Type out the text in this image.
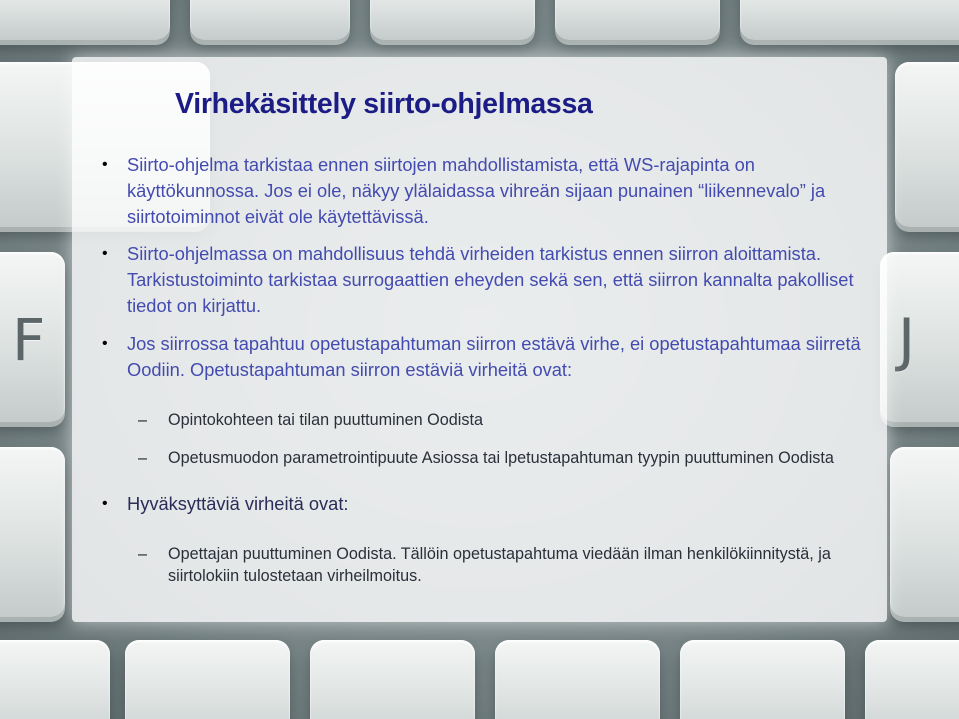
F	J
Virhekäsittely siirto-ohjelmassa
• Siirto-ohjelma tarkistaa ennen siirtojen mahdollistamista, että WS-rajapinta on käyttökunnossa. Jos ei ole, näkyy ylälaidassa vihreän sijaan punainen “liikennevalo” ja siirtotoiminnot eivät ole käytettävissä.
• Siirto-ohjelmassa on mahdollisuus tehdä virheiden tarkistus ennen siirron aloittamista. Tarkistustoiminto tarkistaa surrogaattien eheyden sekä sen, että siirron kannalta pakolliset tiedot on kirjattu.
• Jos siirrossa tapahtuu opetustapahtuman siirron estävä virhe, ei opetustapahtumaa siirretä Oodiin. Opetustapahtuman siirron estäviä virheitä ovat:
– Opintokohteen tai tilan puuttuminen Oodista
– Opetusmuodon parametrointipuute Asiossa tai lpetustapahtuman tyypin puuttuminen Oodista
• Hyväksyttäviä virheitä ovat:
– Opettajan puuttuminen Oodista. Tällöin opetustapahtuma viedään ilman henkilökiinnitystä, ja siirtolokiin tulostetaan virheilmoitus.
